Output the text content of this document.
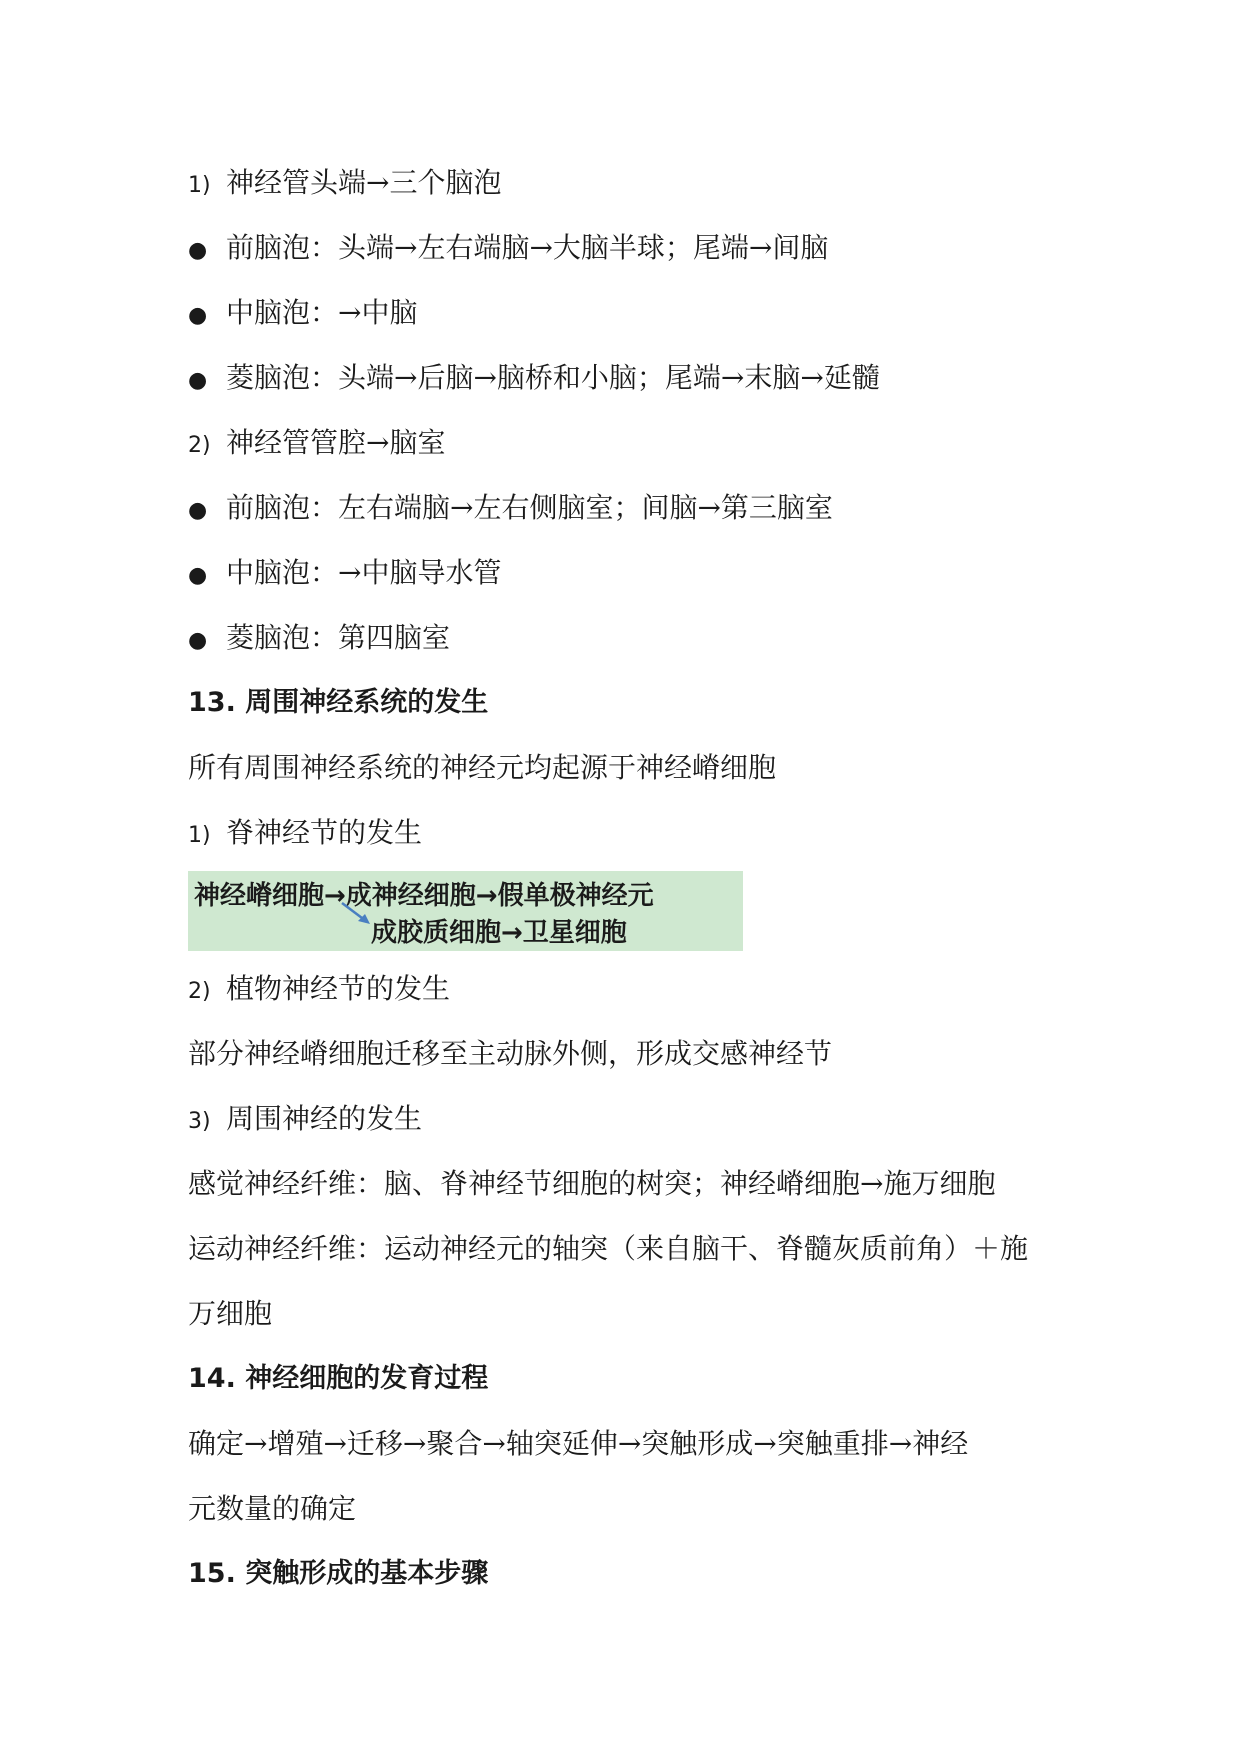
1) 神经管头端→三个脑泡
●前脑泡：头端→左右端脑→大脑半球；尾端→间脑
●中脑泡：→中脑
●菱脑泡：头端→后脑→脑桥和小脑；尾端→末脑→延髓
2) 神经管管腔→脑室
●前脑泡：左右端脑→左右侧脑室；间脑→第三脑室
●中脑泡：→中脑导水管
●菱脑泡：第四脑室
13. 周围神经系统的发生
所有周围神经系统的神经元均起源于神经嵴细胞
1) 脊神经节的发生
神经嵴细胞→成神经细胞→假单极神经元
成胶质细胞→卫星细胞
2) 植物神经节的发生
部分神经嵴细胞迁移至主动脉外侧，形成交感神经节
3) 周围神经的发生
感觉神经纤维：脑、脊神经节细胞的树突；神经嵴细胞→施万细胞
运动神经纤维：运动神经元的轴突（来自脑干、脊髓灰质前角）＋施
万细胞
14. 神经细胞的发育过程
确定→增殖→迁移→聚合→轴突延伸→突触形成→突触重排→神经
元数量的确定
15. 突触形成的基本步骤
